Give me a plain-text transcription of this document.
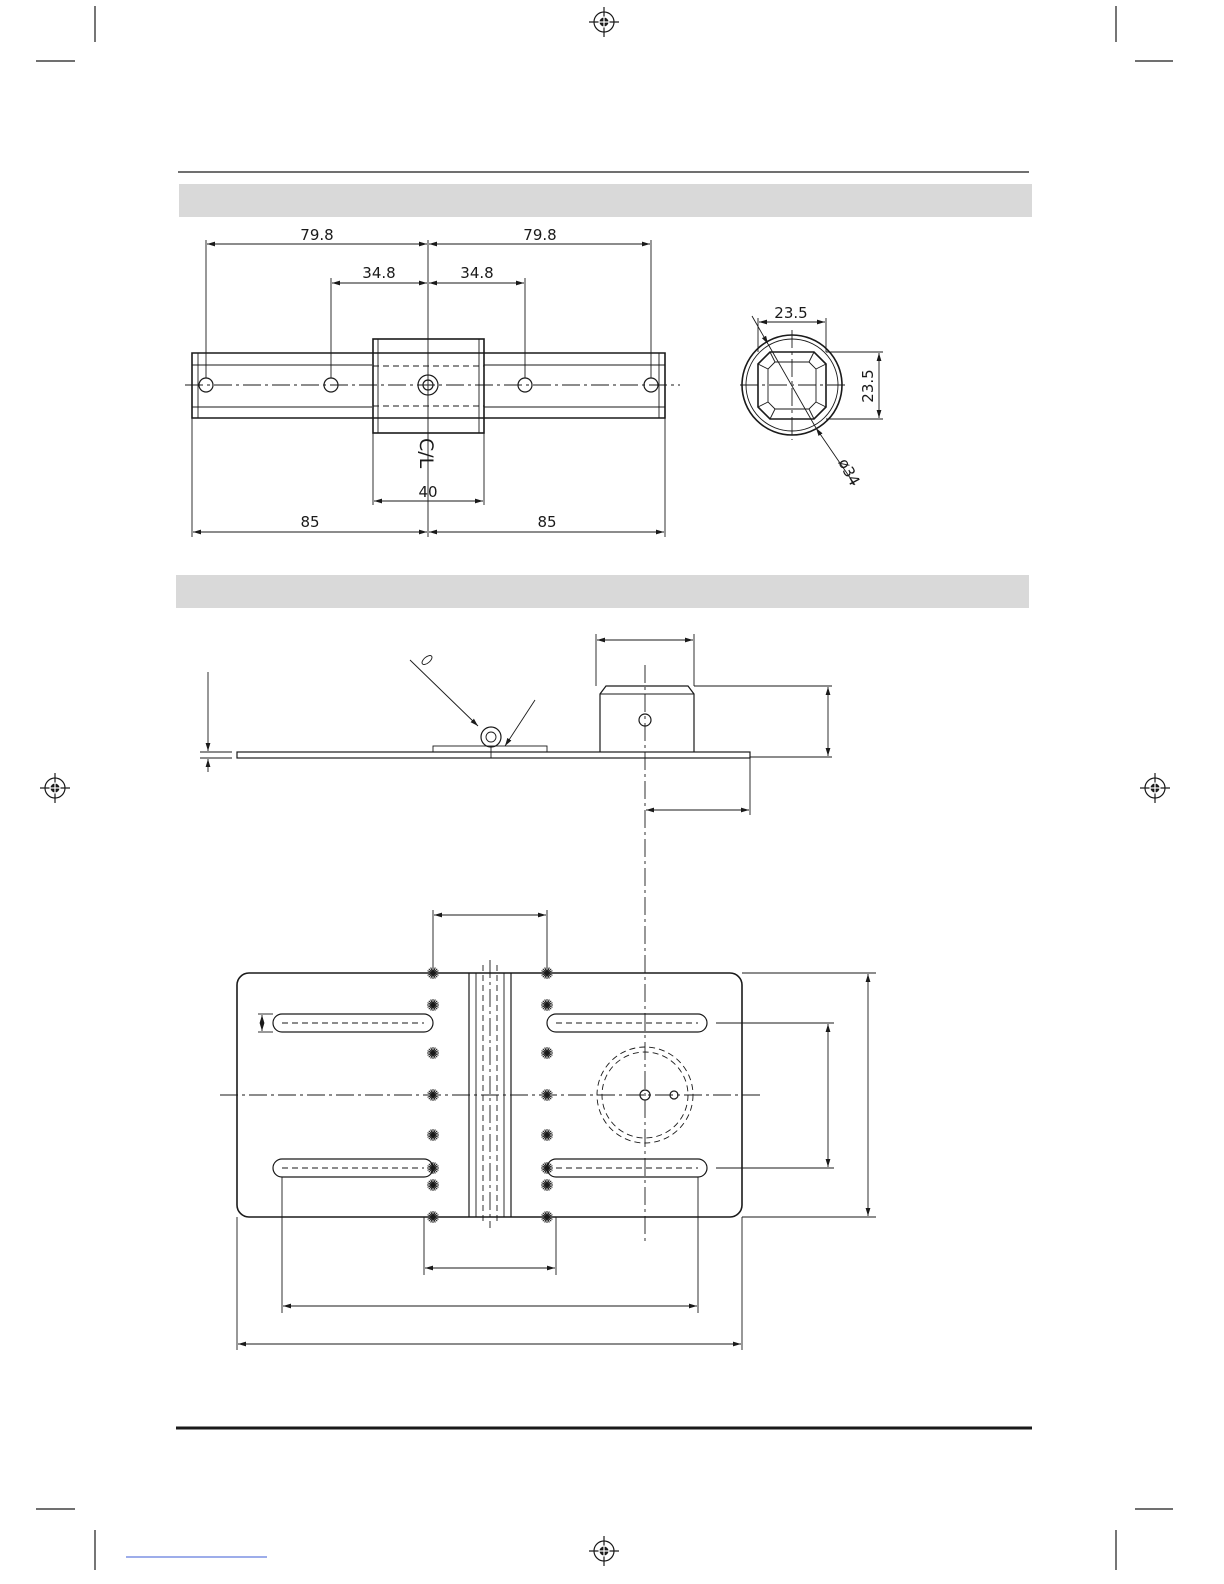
79.8	79.8
34.8	34.8
C/L
40
85	85
23.5
23.5
ø34
